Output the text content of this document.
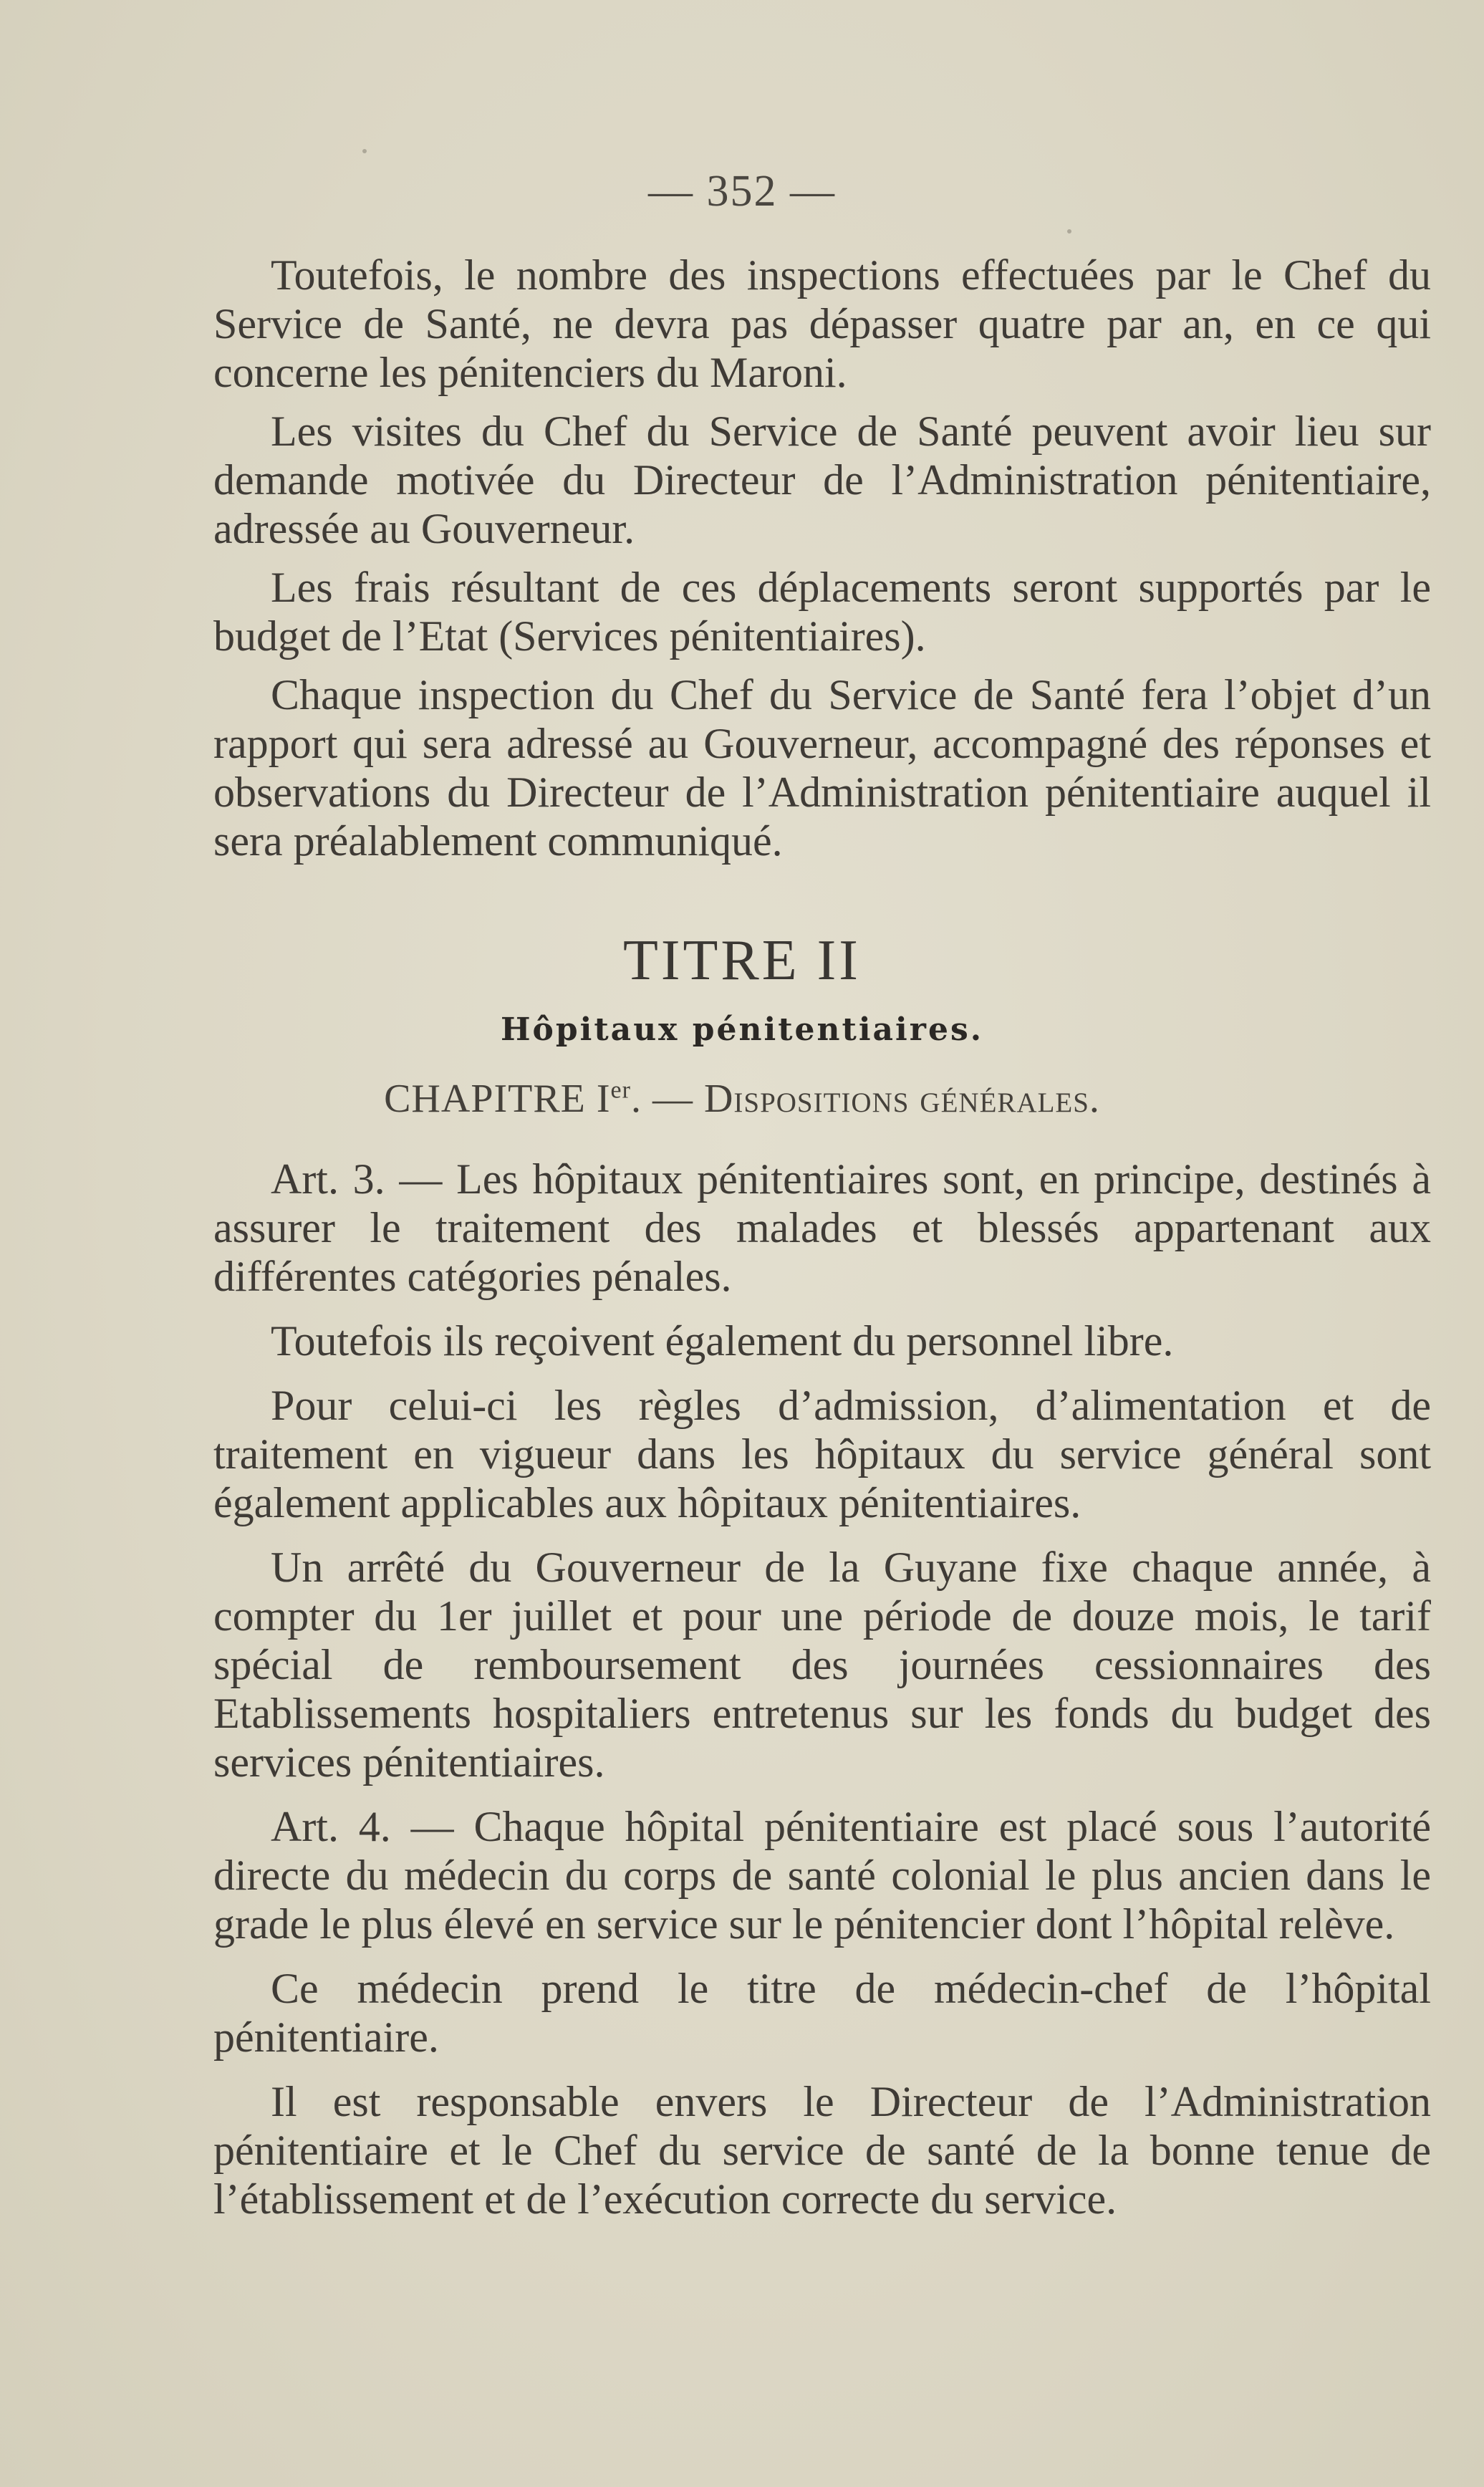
— 352 —

Toutefois, le nombre des inspections effectuées par le Chef du Service de Santé, ne devra pas dépasser quatre par an, en ce qui concerne les pénitenciers du Maroni.

Les visites du Chef du Service de Santé peuvent avoir lieu sur demande motivée du Directeur de l’Administration pénitentiaire, adressée au Gouverneur.

Les frais résultant de ces déplacements seront supportés par le budget de l’Etat (Services pénitentiaires).

Chaque inspection du Chef du Service de Santé fera l’objet d’un rapport qui sera adressé au Gouverneur, accompagné des réponses et observations du Directeur de l’Administration pénitentiaire auquel il sera préalablement communiqué.

TITRE II
Hôpitaux pénitentiaires.
CHAPITRE Ier. — Dispositions générales.

Art. 3. — Les hôpitaux pénitentiaires sont, en principe, destinés à assurer le traitement des malades et blessés appartenant aux différentes catégories pénales.

Toutefois ils reçoivent également du personnel libre.

Pour celui-ci les règles d’admission, d’alimentation et de traitement en vigueur dans les hôpitaux du service général sont également applicables aux hôpitaux pénitentiaires.

Un arrêté du Gouverneur de la Guyane fixe chaque année, à compter du 1er juillet et pour une période de douze mois, le tarif spécial de remboursement des journées cessionnaires des Etablissements hospitaliers entretenus sur les fonds du budget des services pénitentiaires.

Art. 4. — Chaque hôpital pénitentiaire est placé sous l’autorité directe du médecin du corps de santé colonial le plus ancien dans le grade le plus élevé en service sur le pénitencier dont l’hôpital relève.

Ce médecin prend le titre de médecin-chef de l’hôpital pénitentiaire.

Il est responsable envers le Directeur de l’Administration pénitentiaire et le Chef du service de santé de la bonne tenue de l’établissement et de l’exécution correcte du service.
